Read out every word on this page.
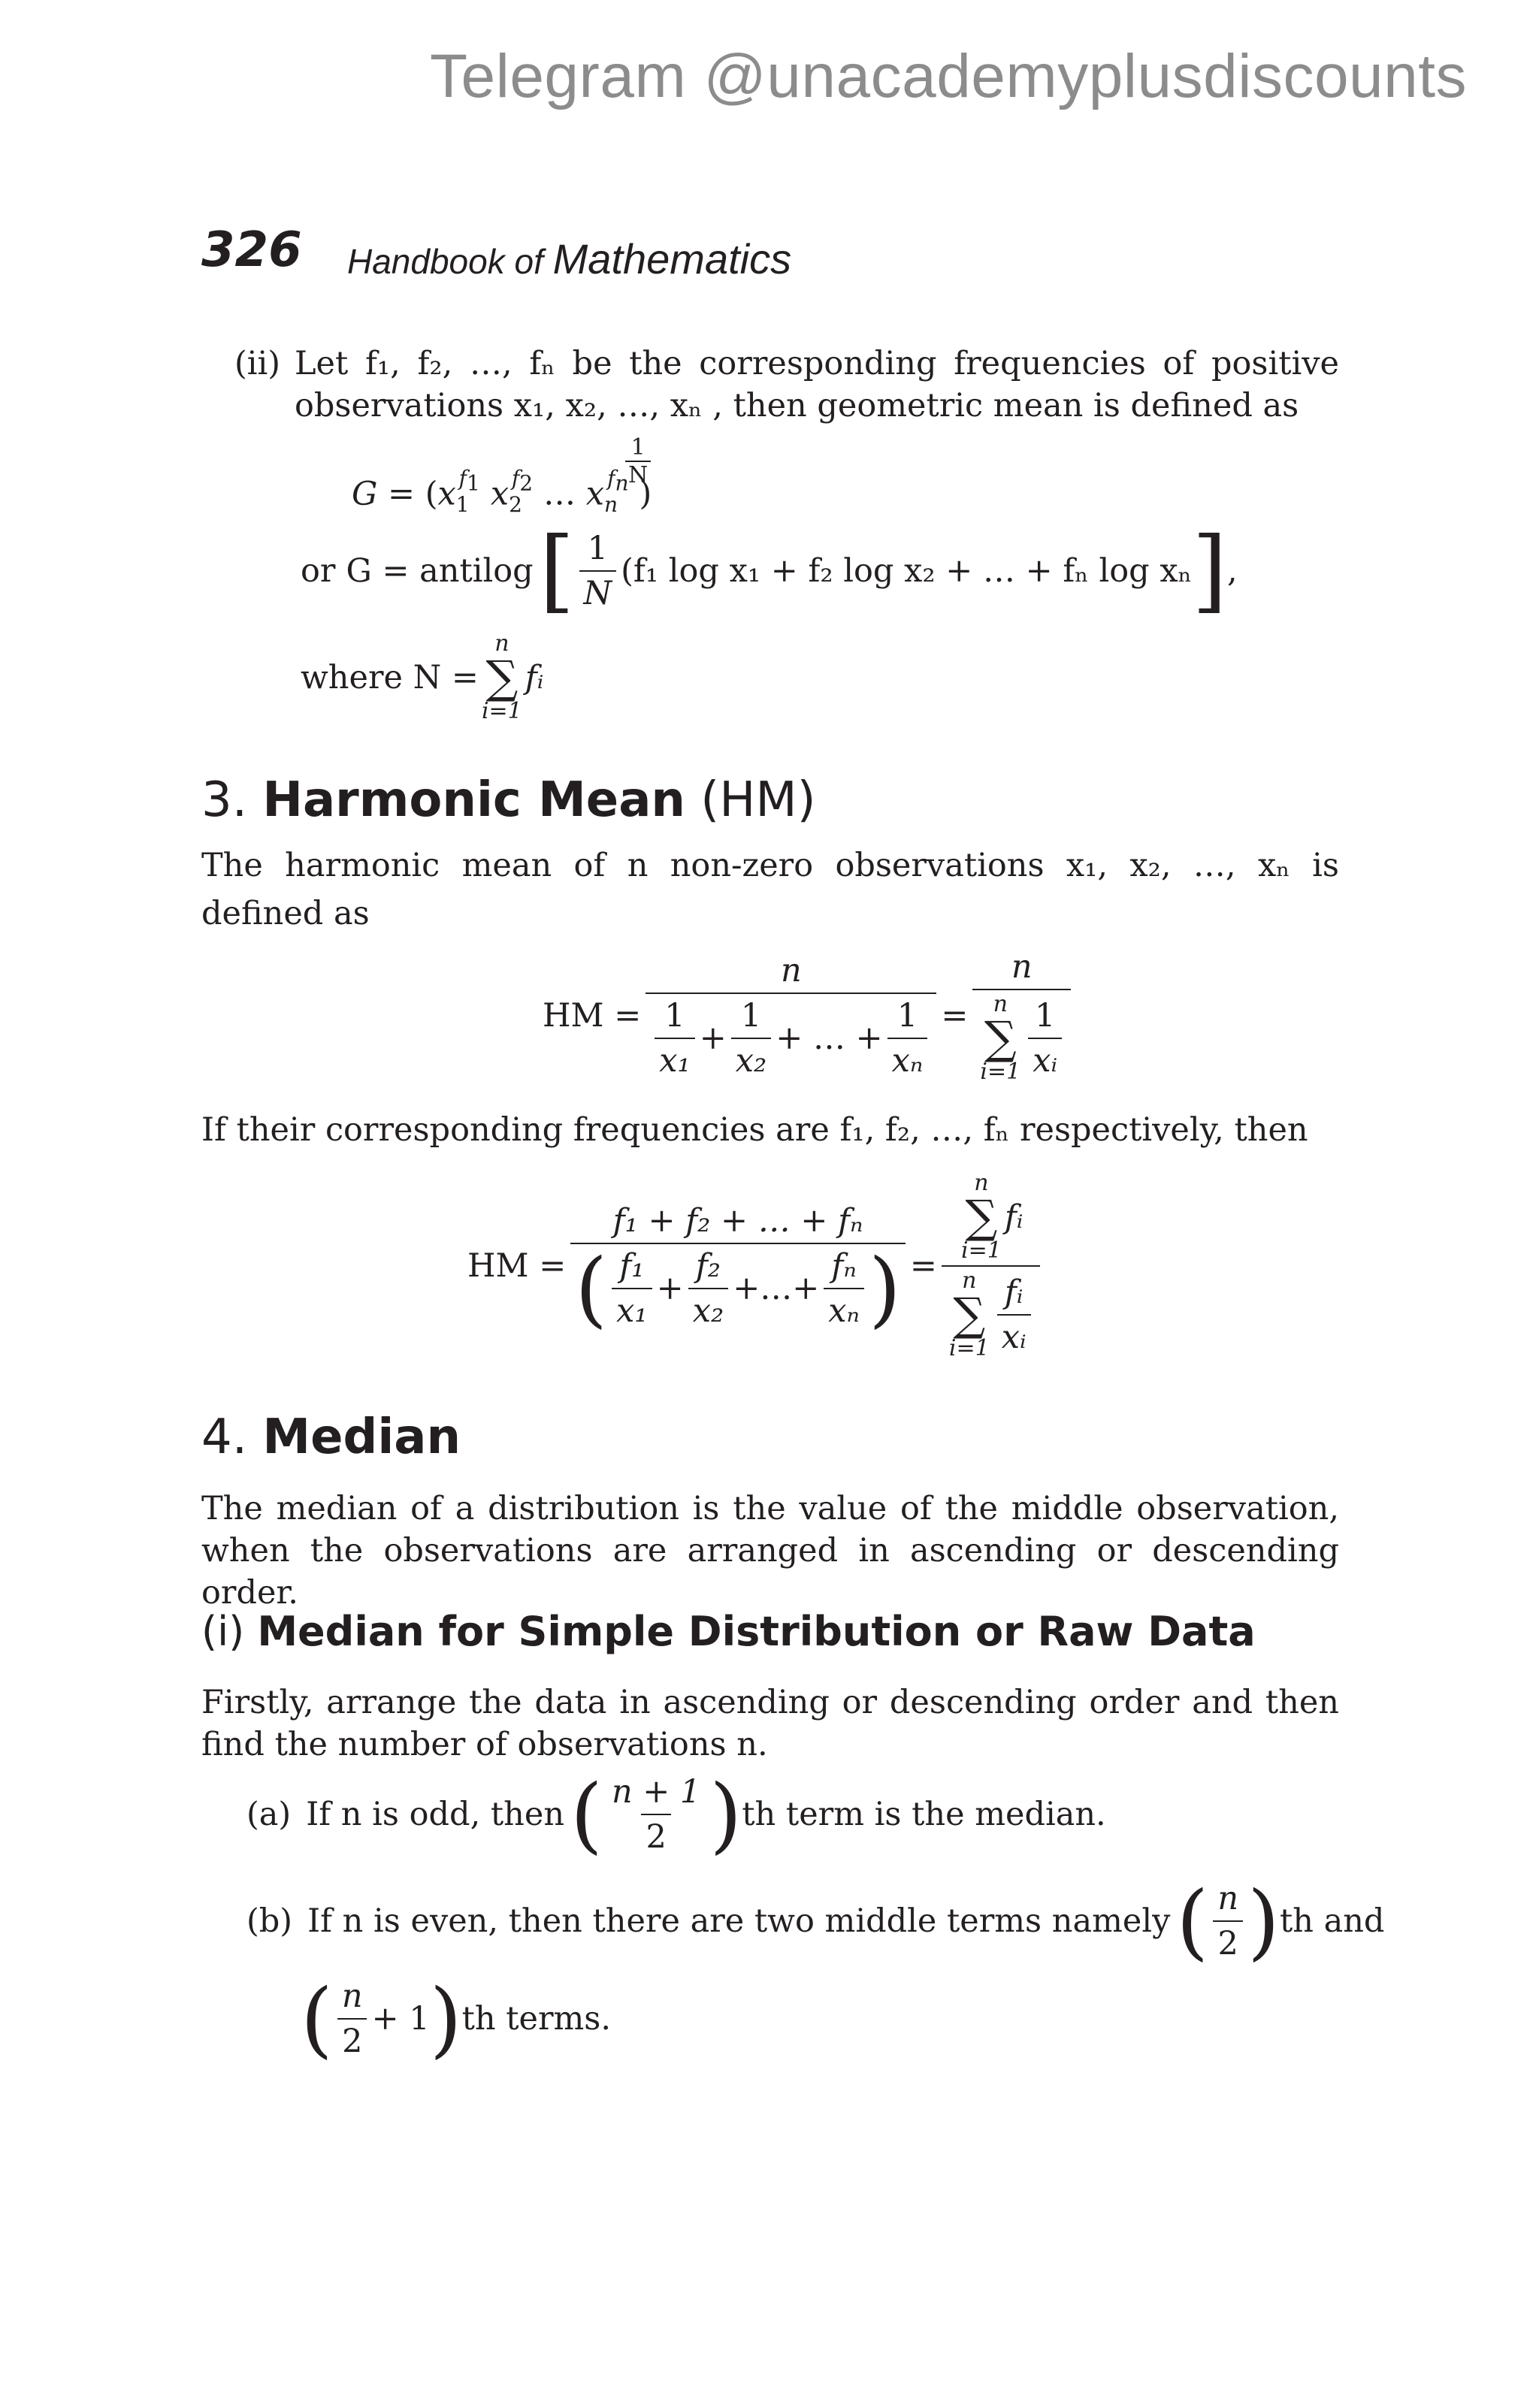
Telegram @unacademyplusdiscounts
326 Handbook of Mathematics
(ii) Let f₁, f₂, …, fₙ be the corresponding frequencies of positive
observations x₁, x₂, …, xₙ , then geometric mean is defined as
$G = (x_1^{f_1}$ $x_2^{f_2}$ … $x_n^{f_n}$ )
$\frac{1}{N}$
or G = antilog [ $\frac{1}{N} (f_1$ log x₁ + f₂ log x₂ + … + fₙ log xₙ ] ,
where N =
n
∑
i=1
fᵢ
3. Harmonic Mean (HM)
The harmonic mean of n non-zero observations x₁, x₂, …, xₙ is
defined as
HM = $\frac{n}{\frac{1}{\text{x₁}} + \frac{1}{\text{x₂}} + \dots + \frac{1}{\text{xₙ}}} = n$
n
∑
$i=1 \frac{1}{\text{xᵢ}}$
If their corresponding frequencies are f₁, f₂, …, fₙ respectively, then
HM = $\frac{\text{f₁ + f₂ + … + fₙ}}{( \frac{\text{f₁}}{\text{x₁}} + \frac{\text{f₂}}{\text{x₂}} +\dots+ \frac{\text{fₙ}}{\text{xₙ}} )} = n$
∑
i=1
fᵢ
n
∑
$i=1 \frac{\text{fᵢ}}{\text{xᵢ}}$
4. Median
The median of a distribution is the value of the middle observation, when the observations are arranged in ascending or descending order.
(i) Median for Simple Distribution or Raw Data
Firstly, arrange the data in ascending or descending order and then find the number of observations n.
(a) If n is odd, then ( $\frac{n + 1}{2}$ ) th term is the median.
(b) If n is even, then there are two middle terms namely ( $\frac{n}{2}$ ) th and
( $\frac{n}{2} + 1$ ) th terms.
